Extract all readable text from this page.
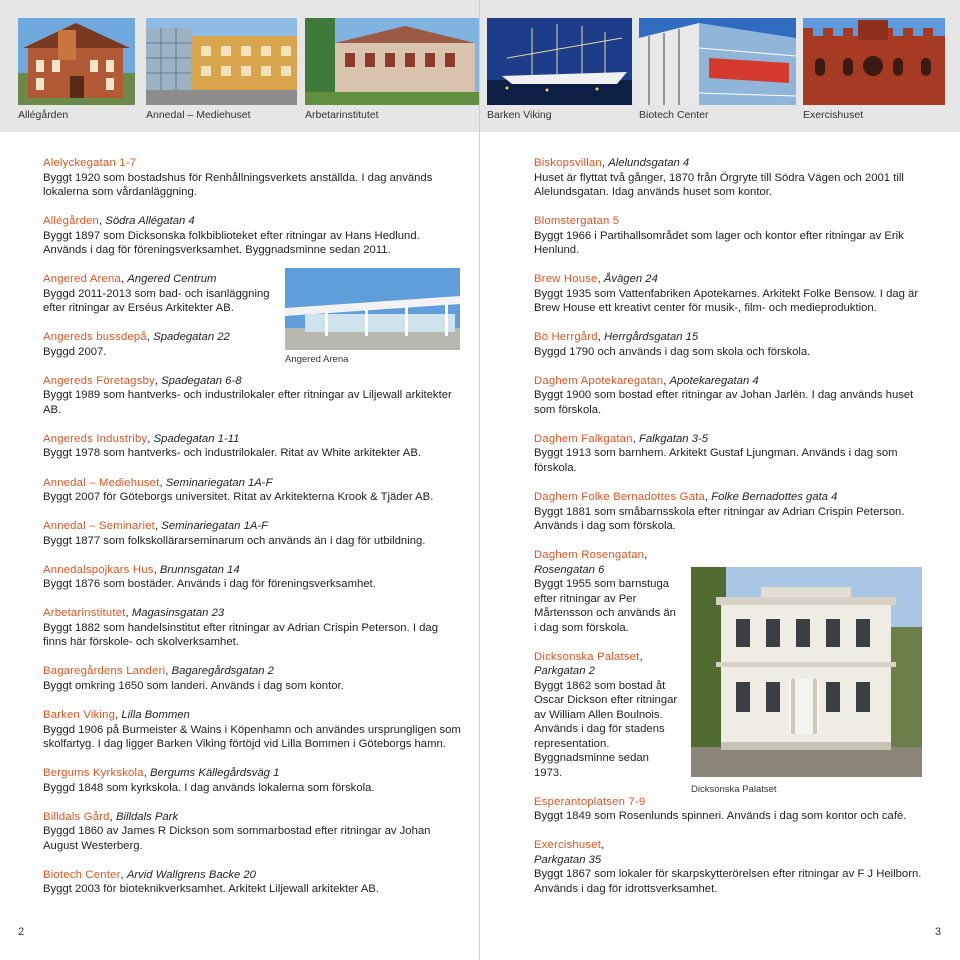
Allégården	Annedal – Mediehuset	Arbetarinstitutet
Alelyckegatan 1-7
Byggt 1920 som bostadshus för Renhållningsverkets anställda. I dag används lokalerna som vårdanläggning.
Allégården, Södra Allégatan 4
Byggt 1897 som Dicksonska folkbiblioteket efter ritningar av Hans Hedlund. Används i dag för föreningsverksamhet. Byggnadsminne sedan 2011.
Angered Arena, Angered Centrum
Byggd 2011-2013 som bad- och isanläggning efter ritningar av Erséus Arkitekter AB.
Angereds bussdepå, Spadegatan 22
Byggd 2007.
Angereds Företagsby, Spadegatan 6-8
Byggt 1989 som hantverks- och industrilokaler efter ritningar av Liljewall arkitekter AB.
Angereds Industriby, Spadegatan 1-11
Byggt 1978 som hantverks- och industrilokaler. Ritat av White arkitekter AB.
Annedal – Mediehuset, Seminariegatan 1A-F
Byggt 2007 för Göteborgs universitet. Ritat av Arkitekterna Krook & Tjäder AB.
Annedal – Seminariet, Seminariegatan 1A-F
Byggt 1877 som folkskollärarseminarum och används än i dag för utbildning.
Annedalspojkars Hus, Brunnsgatan 14
Byggt 1876 som bostäder. Används i dag för föreningsverksamhet.
Arbetarinstitutet, Magasinsgatan 23
Byggt 1882 som handelsinstitut efter ritningar av Adrian Crispin Peterson. I dag finns här förskole- och skolverksamhet.
Bagaregårdens Landeri, Bagaregårdsgatan 2
Byggt omkring 1650 som landeri. Används i dag som kontor.
Barken Viking, Lilla Bommen
Byggd 1906 på Burmeister & Wains i Köpenhamn och användes ursprungligen som skolfartyg. I dag ligger Barken Viking förtöjd vid Lilla Bommen i Göteborgs hamn.
Bergums Kyrkskola, Bergums Källegårdsväg 1
Byggd 1848 som kyrkskola. I dag används lokalerna som förskola.
Billdals Gård, Billdals Park
Byggd 1860 av James R Dickson som sommarbostad efter ritningar av Johan August Westerberg.
Biotech Center, Arvid Wallgrens Backe 20
Byggt 2003 för bioteknikverksamhet. Arkitekt Liljewall arkitekter AB.
Angered Arena
2
Barken Viking	Biotech Center	Exercishuset
Biskopsvillan, Alelundsgatan 4
Huset är flyttat två gånger, 1870 från Örgryte till Södra Vägen och 2001 till Alelundsgatan. Idag används huset som kontor.
Blomstergatan 5
Byggt 1966 i Partihallsområdet som lager och kontor efter ritningar av Erik Henlund.
Brew House, Åvägen 24
Byggt 1935 som Vattenfabriken Apotekarnes. Arkitekt Folke Bensow. I dag är Brew House ett kreativt center för musik-, film- och medieproduktion.
Bö Herrgård, Herrgårdsgatan 15
Byggd 1790 och används i dag som skola och förskola.
Daghem Apotekaregatan, Apotekaregatan 4
Byggt 1900 som bostad efter ritningar av Johan Jarlén. I dag används huset som förskola.
Daghem Falkgatan, Falkgatan 3-5
Byggt 1913 som barnhem. Arkitekt Gustaf Ljungman. Används i dag som förskola.
Daghem Folke Bernadottes Gata, Folke Bernadottes gata 4
Byggt 1881 som småbarnsskola efter ritningar av Adrian Crispin Peterson. Används i dag som förskola.
Daghem Rosengatan,
Rosengatan 6
Byggt 1955 som barnstuga efter ritningar av Per Mårtensson och används än i dag som förskola.
Dicksonska Palatset,
Parkgatan 2
Byggt 1862 som bostad åt Oscar Dickson efter ritningar av William Allen Boulnois. Används i dag för stadens representation. Byggnadsminne sedan 1973.
Esperantoplatsen 7-9
Byggt 1849 som Rosenlunds spinneri. Används i dag som kontor och café.
Exercishuset,
Parkgatan 35
Byggt 1867 som lokaler för skarpskytterörelsen efter ritningar av F J Heilborn. Används i dag för idrottsverksamhet.
Dicksonska Palatset
3
